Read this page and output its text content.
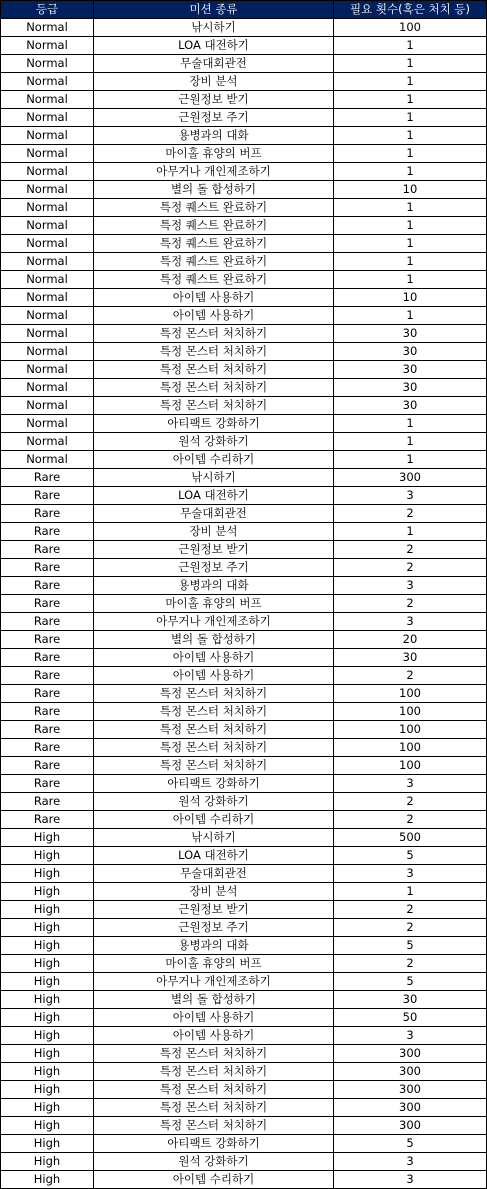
등급	미션 종류	필요 횟수(혹은 처치 등)
Normal	낚시하기	100
Normal	LOA 대전하기	1
Normal	무술대회관전	1
Normal	장비 분석	1
Normal	근원정보 받기	1
Normal	근원정보 주기	1
Normal	용병과의 대화	1
Normal	마이홀 휴양의 버프	1
Normal	아무거나 개인제조하기	1
Normal	별의 돌 합성하기	10
Normal	특정 퀘스트 완료하기	1
Normal	특정 퀘스트 완료하기	1
Normal	특정 퀘스트 완료하기	1
Normal	특정 퀘스트 완료하기	1
Normal	특정 퀘스트 완료하기	1
Normal	아이템 사용하기	10
Normal	아이템 사용하기	1
Normal	특정 몬스터 처치하기	30
Normal	특정 몬스터 처치하기	30
Normal	특정 몬스터 처치하기	30
Normal	특정 몬스터 처치하기	30
Normal	특정 몬스터 처치하기	30
Normal	아티팩트 강화하기	1
Normal	원석 강화하기	1
Normal	아이템 수리하기	1
Rare	낚시하기	300
Rare	LOA 대전하기	3
Rare	무술대회관전	2
Rare	장비 분석	1
Rare	근원정보 받기	2
Rare	근원정보 주기	2
Rare	용병과의 대화	3
Rare	마이홀 휴양의 버프	2
Rare	아무거나 개인제조하기	3
Rare	별의 돌 합성하기	20
Rare	아이템 사용하기	30
Rare	아이템 사용하기	2
Rare	특정 몬스터 처치하기	100
Rare	특정 몬스터 처치하기	100
Rare	특정 몬스터 처치하기	100
Rare	특정 몬스터 처치하기	100
Rare	특정 몬스터 처치하기	100
Rare	아티팩트 강화하기	3
Rare	원석 강화하기	2
Rare	아이템 수리하기	2
High	낚시하기	500
High	LOA 대전하기	5
High	무술대회관전	3
High	장비 분석	1
High	근원정보 받기	2
High	근원정보 주기	2
High	용병과의 대화	5
High	마이홀 휴양의 버프	2
High	아무거나 개인제조하기	5
High	별의 돌 합성하기	30
High	아이템 사용하기	50
High	아이템 사용하기	3
High	특정 몬스터 처치하기	300
High	특정 몬스터 처치하기	300
High	특정 몬스터 처치하기	300
High	특정 몬스터 처치하기	300
High	특정 몬스터 처치하기	300
High	아티팩트 강화하기	5
High	원석 강화하기	3
High	아이템 수리하기	3
